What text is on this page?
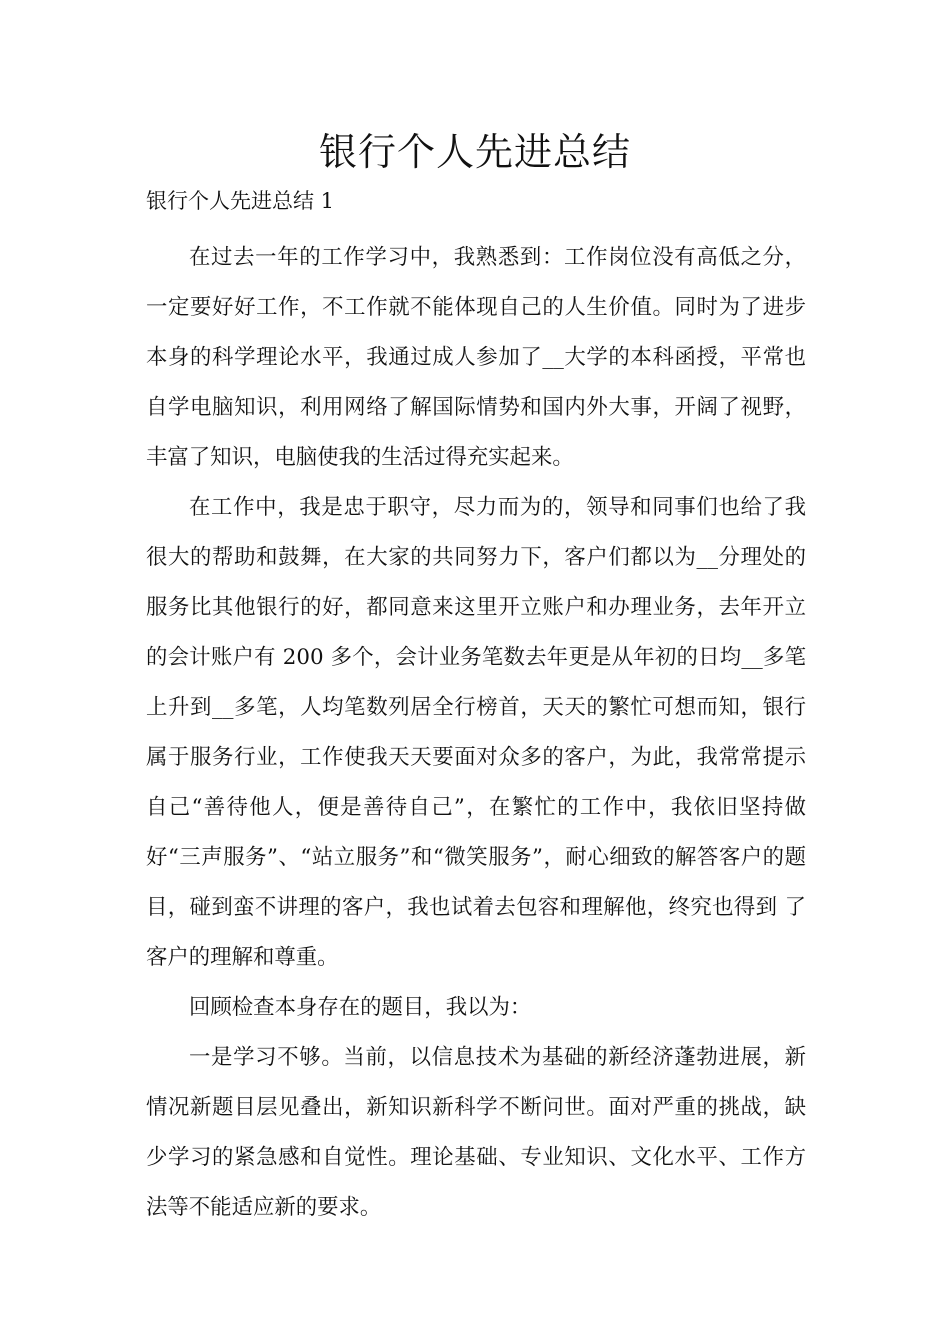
银行个人先进总结

银行个人先进总结 1

在过去一年的工作学习中，我熟悉到：工作岗位没有高低之分，一定要好好工作，不工作就不能体现自己的人生价值。同时为了进步本身的科学理论水平，我通过成人参加了__大学的本科函授，平常也自学电脑知识，利用网络了解国际情势和国内外大事，开阔了视野，丰富了知识，电脑使我的生活过得充实起来。

在工作中，我是忠于职守，尽力而为的，领导和同事们也给了我很大的帮助和鼓舞，在大家的共同努力下，客户们都以为__分理处的服务比其他银行的好，都同意来这里开立账户和办理业务，去年开立的会计账户有 200 多个，会计业务笔数去年更是从年初的日均__多笔上升到__多笔，人均笔数列居全行榜首，天天的繁忙可想而知，银行属于服务行业，工作使我天天要面对众多的客户，为此，我常常提示自己“善待他人，便是善待自己”，在繁忙的工作中，我依旧坚持做好“三声服务”、“站立服务”和“微笑服务”，耐心细致的解答客户的题目，碰到蛮不讲理的客户，我也试着去包容和理解他，终究也得到 了客户的理解和尊重。

回顾检查本身存在的题目，我以为：

一是学习不够。当前，以信息技术为基础的新经济蓬勃进展，新情况新题目层见叠出，新知识新科学不断问世。面对严重的挑战，缺少学习的紧急感和自觉性。理论基础、专业知识、文化水平、工作方法等不能适应新的要求。
